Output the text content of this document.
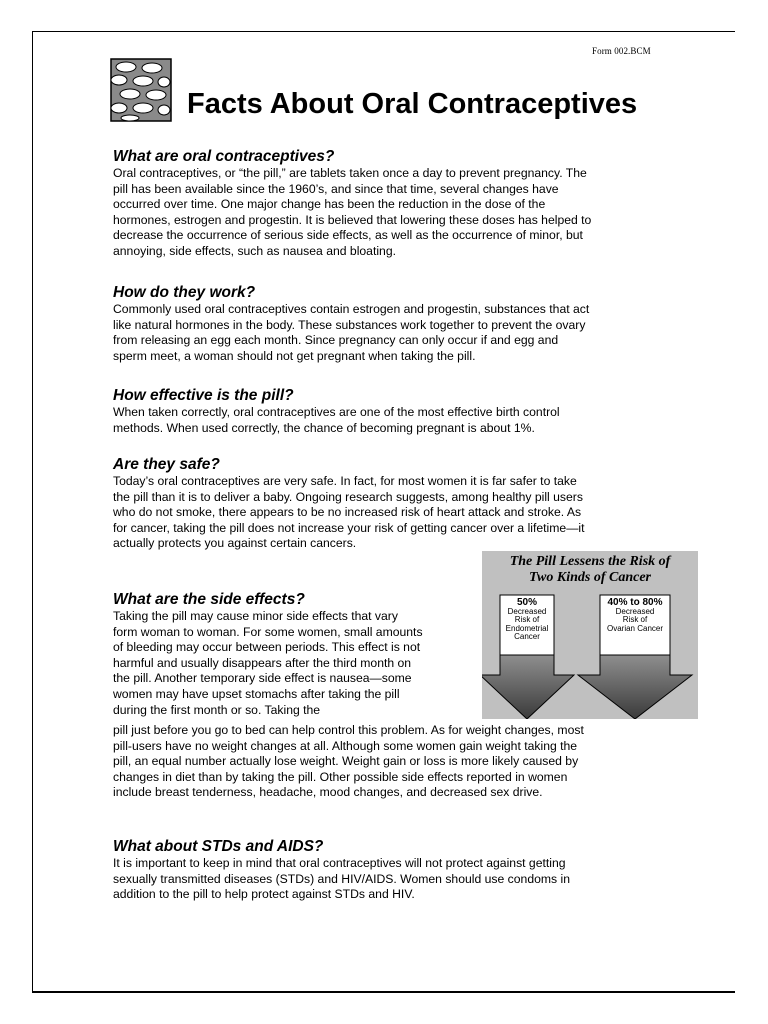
Form 002.BCM
Facts About Oral Contraceptives
What are oral contraceptives?
Oral contraceptives, or “the pill,” are tablets taken once a day to prevent pregnancy. The
pill has been available since the 1960’s, and since that time, several changes have
occurred over time. One major change has been the reduction in the dose of the
hormones, estrogen and progestin. It is believed that lowering these doses has helped to
decrease the occurrence of serious side effects, as well as the occurrence of minor, but
annoying, side effects, such as nausea and bloating.
How do they work?
Commonly used oral contraceptives contain estrogen and progestin, substances that act
like natural hormones in the body. These substances work together to prevent the ovary
from releasing an egg each month. Since pregnancy can only occur if and egg and
sperm meet, a woman should not get pregnant when taking the pill.
How effective is the pill?
When taken correctly, oral contraceptives are one of the most effective birth control
methods. When used correctly, the chance of becoming pregnant is about 1%.
Are they safe?
Today’s oral contraceptives are very safe. In fact, for most women it is far safer to take
the pill than it is to deliver a baby. Ongoing research suggests, among healthy pill users
who do not smoke, there appears to be no increased risk of heart attack and stroke. As
for cancer, taking the pill does not increase your risk of getting cancer over a lifetime—it
actually protects you against certain cancers.
What are the side effects?
Taking the pill may cause minor side effects that vary
form woman to woman. For some women, small amounts
of bleeding may occur between periods. This effect is not
harmful and usually disappears after the third month on
the pill. Another temporary side effect is nausea—some
women may have upset stomachs after taking the pill
during the first month or so. Taking the
pill just before you go to bed can help control this problem. As for weight changes, most
pill-users have no weight changes at all. Although some women gain weight taking the
pill, an equal number actually lose weight. Weight gain or loss is more likely caused by
changes in diet than by taking the pill. Other possible side effects reported in women
include breast tenderness, headache, mood changes, and decreased sex drive.
What about STDs and AIDS?
It is important to keep in mind that oral contraceptives will not protect against getting
sexually transmitted diseases (STDs) and HIV/AIDS. Women should use condoms in
addition to the pill to help protect against STDs and HIV.
The Pill Lessens the Risk of
Two Kinds of Cancer
50%
Decreased
Risk of
Endometrial
Cancer
40% to 80%
Decreased
Risk of
Ovarian Cancer
